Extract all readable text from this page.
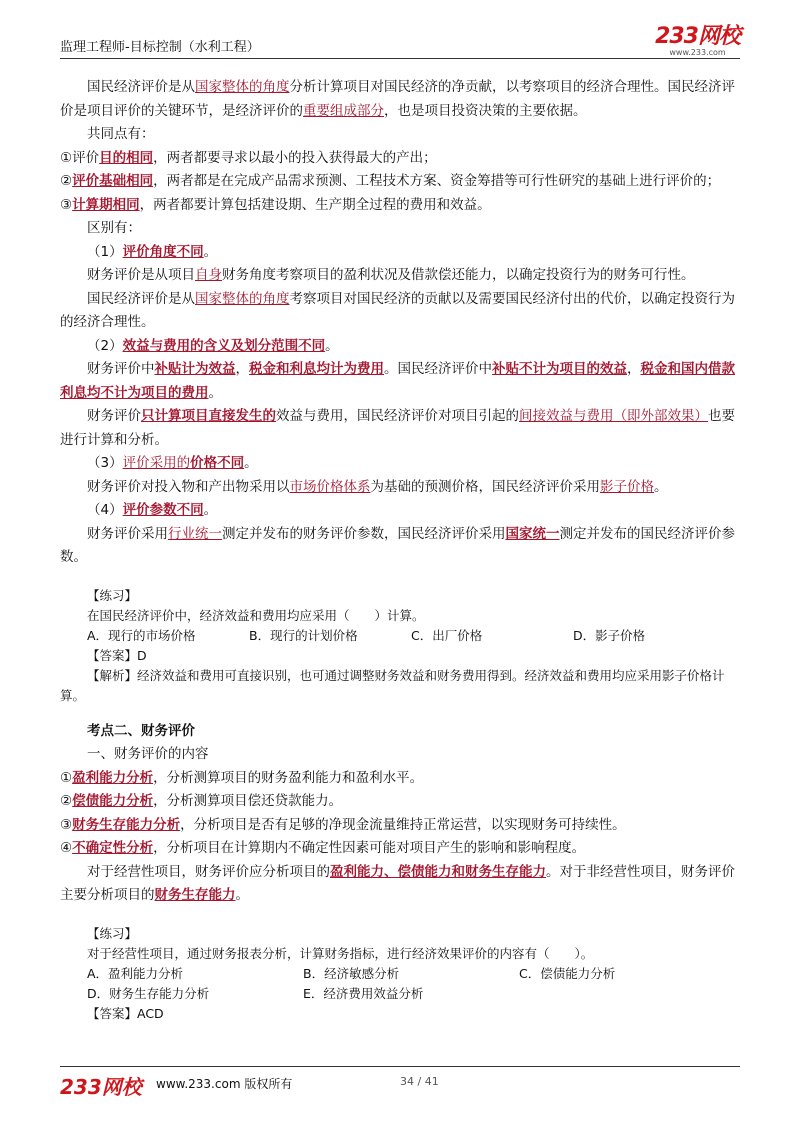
监理工程师-目标控制（水利工程）	233网校
www.233.com

国民经济评价是从国家整体的角度分析计算项目对国民经济的净贡献，以考察项目的经济合理性。国民经济评价是项目评价的关键环节，是经济评价的重要组成部分，也是项目投资决策的主要依据。

共同点有：

①评价目的相同，两者都要寻求以最小的投入获得最大的产出；

②评价基础相同，两者都是在完成产品需求预测、工程技术方案、资金筹措等可行性研究的基础上进行评价的；

③计算期相同，两者都要计算包括建设期、生产期全过程的费用和效益。

区别有：

（1）评价角度不同。

财务评价是从项目自身财务角度考察项目的盈利状况及借款偿还能力，以确定投资行为的财务可行性。

国民经济评价是从国家整体的角度考察项目对国民经济的贡献以及需要国民经济付出的代价，以确定投资行为的经济合理性。

（2）效益与费用的含义及划分范围不同。

财务评价中补贴计为效益，税金和利息均计为费用。国民经济评价中补贴不计为项目的效益，税金和国内借款利息均不计为项目的费用。

财务评价只计算项目直接发生的效益与费用，国民经济评价对项目引起的间接效益与费用（即外部效果）也要进行计算和分析。

（3）评价采用的价格不同。

财务评价对投入物和产出物采用以市场价格体系为基础的预测价格，国民经济评价采用影子价格。

（4）评价参数不同。

财务评价采用行业统一测定并发布的财务评价参数，国民经济评价采用国家统一测定并发布的国民经济评价参数。

【练习】
在国民经济评价中，经济效益和费用均应采用（　　）计算。
A．现行的市场价格	B．现行的计划价格	C．出厂价格	D．影子价格
【答案】D
【解析】经济效益和费用可直接识别，也可通过调整财务效益和财务费用得到。经济效益和费用均应采用影子价格计算。

考点二、财务评价

一、财务评价的内容

①盈利能力分析，分析测算项目的财务盈利能力和盈利水平。

②偿债能力分析，分析测算项目偿还贷款能力。

③财务生存能力分析，分析项目是否有足够的净现金流量维持正常运营，以实现财务可持续性。

④不确定性分析，分析项目在计算期内不确定性因素可能对项目产生的影响和影响程度。

对于经营性项目，财务评价应分析项目的盈利能力、偿债能力和财务生存能力。对于非经营性项目，财务评价主要分析项目的财务生存能力。

【练习】
对于经营性项目，通过财务报表分析，计算财务指标，进行经济效果评价的内容有（　　）。
A．盈利能力分析	B．经济敏感分析	C．偿债能力分析
D．财务生存能力分析	E．经济费用效益分析
【答案】ACD
233网校 www.233.com 版权所有	34 / 41
